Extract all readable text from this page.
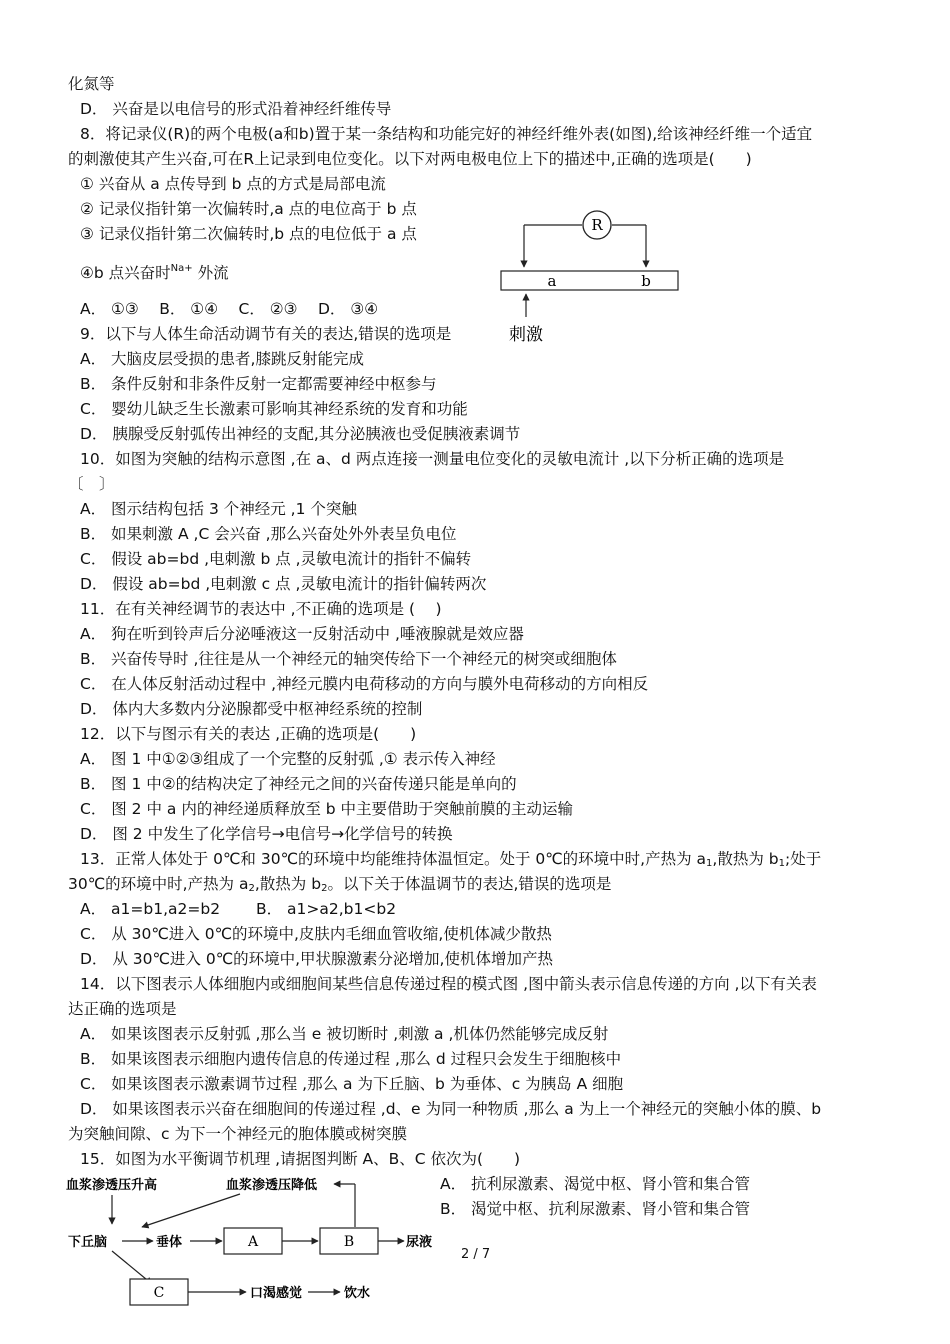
化氮等
D． 兴奋是以电信号的形式沿着神经纤维传导
8．将记录仪(R)的两个电极(a和b)置于某一条结构和功能完好的神经纤维外表(如图),给该神经纤维一个适宜
的刺激使其产生兴奋,可在R上记录到电位变化。以下对两电极电位上下的描述中,正确的选项是(　　)
① 兴奋从 a 点传导到 b 点的方式是局部电流
② 记录仪指针第一次偏转时,a 点的电位高于 b 点
③ 记录仪指针第二次偏转时,b 点的电位低于 a 点
④b 点兴奋时$^{Na+}$ 外流
A． ①③　 B． ①④　 C． ②③　 D． ③④
9．以下与人体生命活动调节有关的表达,错误的选项是
A． 大脑皮层受损的患者,膝跳反射能完成
B． 条件反射和非条件反射一定都需要神经中枢参与
C． 婴幼儿缺乏生长激素可影响其神经系统的发育和功能
D． 胰腺受反射弧传出神经的支配,其分泌胰液也受促胰液素调节
10．如图为突触的结构示意图 ,在 a、d 两点连接一测量电位变化的灵敏电流计 ,以下分析正确的选项是
〔　〕
A． 图示结构包括 3 个神经元 ,1 个突触
B． 如果刺激 A ,C 会兴奋 ,那么兴奋处外外表呈负电位
C． 假设 ab=bd ,电刺激 b 点 ,灵敏电流计的指针不偏转
D． 假设 ab=bd ,电刺激 c 点 ,灵敏电流计的指针偏转两次
11．在有关神经调节的表达中 ,不正确的选项是 (　 )
A． 狗在听到铃声后分泌唾液这一反射活动中 ,唾液腺就是效应器
B． 兴奋传导时 ,往往是从一个神经元的轴突传给下一个神经元的树突或细胞体
C． 在人体反射活动过程中 ,神经元膜内电荷移动的方向与膜外电荷移动的方向相反
D． 体内大多数内分泌腺都受中枢神经系统的控制
12．以下与图示有关的表达 ,正确的选项是(　　)
A． 图 1 中①②③组成了一个完整的反射弧 ,① 表示传入神经
B． 图 1 中②的结构决定了神经元之间的兴奋传递只能是单向的
C． 图 2 中 a 内的神经递质释放至 b 中主要借助于突触前膜的主动运输
D． 图 2 中发生了化学信号→电信号→化学信号的转换
13．正常人体处于 0℃和 30℃的环境中均能维持体温恒定。处于 0℃的环境中时,产热为 $a_1$,散热为 $b_1$;处于
30℃的环境中时,产热为 $a_2$,散热为 $b_2$。以下关于体温调节的表达,错误的选项是
A． a1=b1,a2=b2　　 B． a1>a2,b1<b2
C． 从 30℃进入 0℃的环境中,皮肤内毛细血管收缩,使机体减少散热
D． 从 30℃进入 0℃的环境中,甲状腺激素分泌增加,使机体增加产热
14．以下图表示人体细胞内或细胞间某些信息传递过程的模式图 ,图中箭头表示信息传递的方向 ,以下有关表
达正确的选项是
A． 如果该图表示反射弧 ,那么当 e 被切断时 ,刺激 a ,机体仍然能够完成反射
B． 如果该图表示细胞内遗传信息的传递过程 ,那么 d 过程只会发生于细胞核中
C． 如果该图表示激素调节过程 ,那么 a 为下丘脑、b 为垂体、c 为胰岛 A 细胞
D． 如果该图表示兴奋在细胞间的传递过程 ,d、e 为同一种物质 ,那么 a 为上一个神经元的突触小体的膜、b
为突触间隙、c 为下一个神经元的胞体膜或树突膜
15．如图为水平衡调节机理 ,请据图判断 A、B、C 依次为(　　)
A． 抗利尿激素、渴觉中枢、肾小管和集合管
B． 渴觉中枢、抗利尿激素、肾小管和集合管
R
a	b
刺激
血浆渗透压升高	血浆渗透压降低
下丘脑	垂体	A	B	尿液
C	口渴感觉	饮水
2 / 7
